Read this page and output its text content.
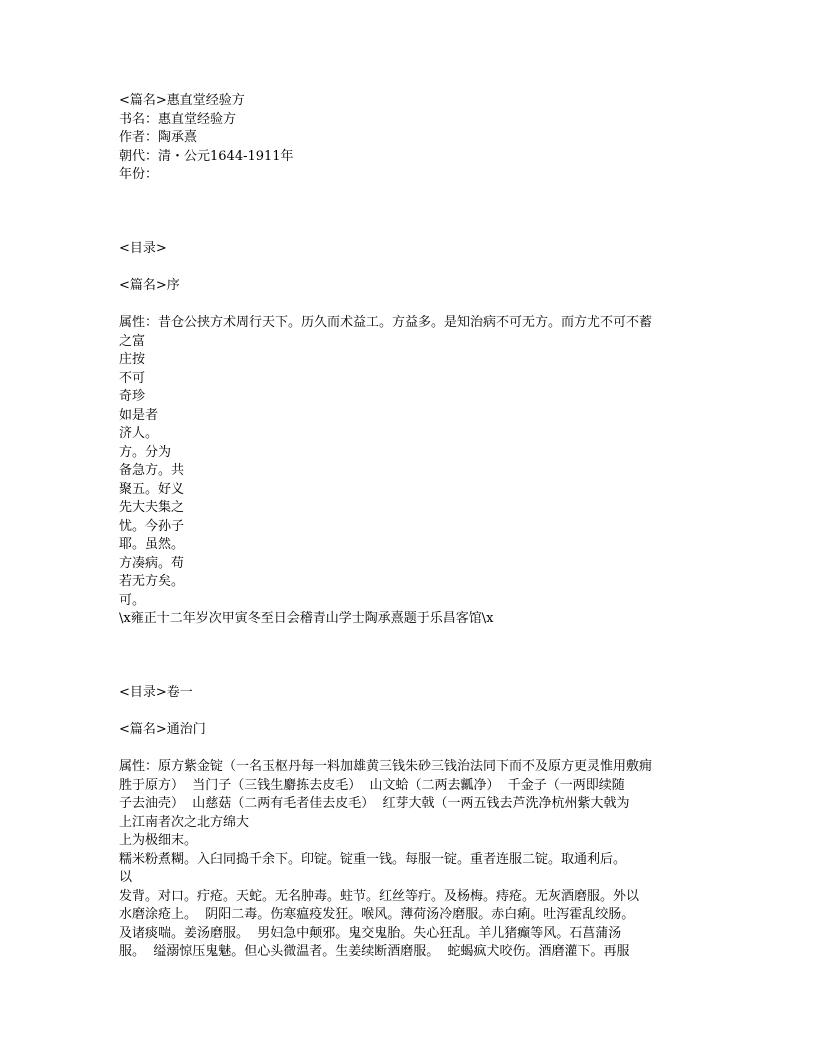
<篇名>惠直堂经验方
书名：惠直堂经验方
作者：陶承熹
朝代：清・公元1644-1911年
年份：
<目录>
<篇名>序
属性：昔仓公挟方术周行天下。历久而术益工。方益多。是知治病不可无方。而方尤不可不蓄
之富
庄按
不可
奇珍
如是者
济人。
方。分为
备急方。共
聚五。好义
先大夫集之
忧。今孙子
耶。虽然。
方凑病。苟
若无方矣。
可。
\x雍正十二年岁次甲寅冬至日会稽青山学士陶承熹题于乐昌客馆\x
<目录>卷一
<篇名>通治门
属性：原方紫金锭（一名玉枢丹每一料加雄黄三钱朱砂三钱治法同下而不及原方更灵惟用敷痈
胜于原方）  当门子（三钱生麝拣去皮毛）  山文蛤（二两去瓤净）  千金子（一两即续随
子去油壳）  山慈菇（二两有毛者佳去皮毛）  红芽大戟（一两五钱去芦洗净杭州紫大戟为
上江南者次之北方绵大
上为极细末。
糯米粉煮糊。入臼同捣千余下。印锭。锭重一钱。每服一锭。重者连服二锭。取通利后。
以
发背。对口。疔疮。天蛇。无名肿毒。蛀节。红丝等疔。及杨梅。痔疮。无灰酒磨服。外以
水磨涂疮上。  阴阳二毒。伤寒瘟疫发狂。喉风。薄荷汤冷磨服。赤白痢。吐泻霍乱绞肠。
及诸痰喘。姜汤磨服。  男妇急中颠邪。鬼交鬼胎。失心狂乱。羊儿猪癫等风。石菖蒲汤
服。  缢溺惊压鬼魅。但心头微温者。生姜续断酒磨服。  蛇蝎疯犬咬伤。酒磨灌下。再服
